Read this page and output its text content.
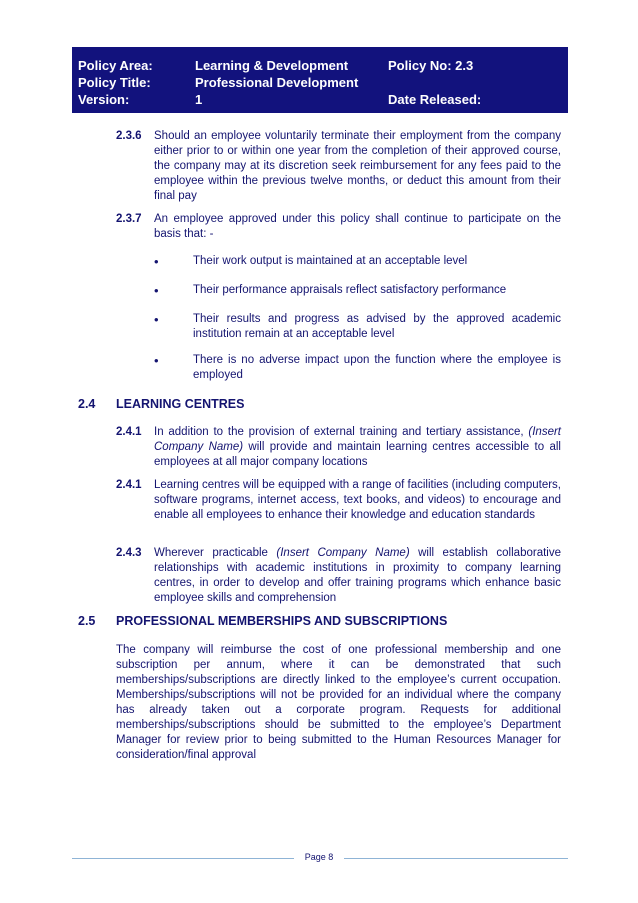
Policy Area:	Learning & Development	Policy No: 2.3
Policy Title:	Professional Development
Version:	1	Date Released:
2.3.6 Should an employee voluntarily terminate their employment from the company either prior to or within one year from the completion of their approved course, the company may at its discretion seek reimbursement for any fees paid to the employee within the previous twelve months, or deduct this amount from their final pay
2.3.7 An employee approved under this policy shall continue to participate on the basis that: -
•	Their work output is maintained at an acceptable level
•	Their performance appraisals reflect satisfactory performance
•	Their results and progress as advised by the approved academic institution remain at an acceptable level
•	There is no adverse impact upon the function where the employee is employed
2.4 LEARNING CENTRES
2.4.1 In addition to the provision of external training and tertiary assistance, (Insert Company Name) will provide and maintain learning centres accessible to all employees at all major company locations
2.4.1 Learning centres will be equipped with a range of facilities (including computers, software programs, internet access, text books, and videos) to encourage and enable all employees to enhance their knowledge and education standards
2.4.3 Wherever practicable (Insert Company Name) will establish collaborative relationships with academic institutions in proximity to company learning centres, in order to develop and offer training programs which enhance basic employee skills and comprehension
2.5 PROFESSIONAL MEMBERSHIPS AND SUBSCRIPTIONS
The company will reimburse the cost of one professional membership and one subscription per annum, where it can be demonstrated that such memberships/subscriptions are directly linked to the employee’s current occupation. Memberships/subscriptions will not be provided for an individual where the company has already taken out a corporate program. Requests for additional memberships/subscriptions should be submitted to the employee’s Department Manager for review prior to being submitted to the Human Resources Manager for consideration/final approval
Page 8
